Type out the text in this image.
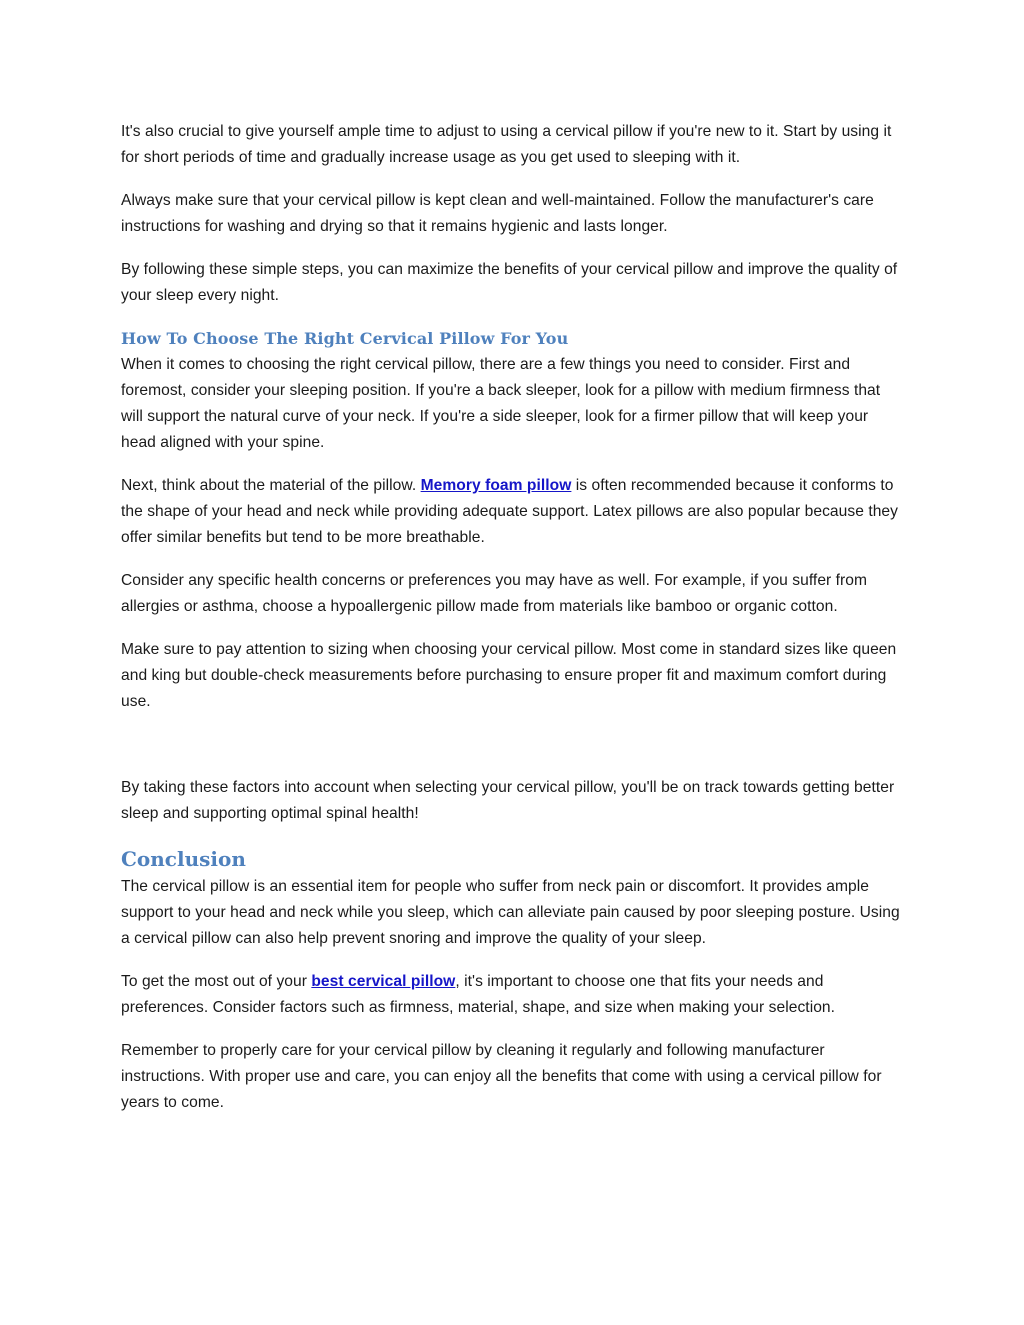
It's also crucial to give yourself ample time to adjust to using a cervical pillow if you're new to it. Start by using it for short periods of time and gradually increase usage as you get used to sleeping with it.

Always make sure that your cervical pillow is kept clean and well-maintained. Follow the manufacturer's care instructions for washing and drying so that it remains hygienic and lasts longer.

By following these simple steps, you can maximize the benefits of your cervical pillow and improve the quality of your sleep every night.

How To Choose The Right Cervical Pillow For You

When it comes to choosing the right cervical pillow, there are a few things you need to consider. First and foremost, consider your sleeping position. If you're a back sleeper, look for a pillow with medium firmness that will support the natural curve of your neck. If you're a side sleeper, look for a firmer pillow that will keep your head aligned with your spine.

Next, think about the material of the pillow. Memory foam pillow is often recommended because it conforms to the shape of your head and neck while providing adequate support. Latex pillows are also popular because they offer similar benefits but tend to be more breathable.

Consider any specific health concerns or preferences you may have as well. For example, if you suffer from allergies or asthma, choose a hypoallergenic pillow made from materials like bamboo or organic cotton.

Make sure to pay attention to sizing when choosing your cervical pillow. Most come in standard sizes like queen and king but double-check measurements before purchasing to ensure proper fit and maximum comfort during use.

By taking these factors into account when selecting your cervical pillow, you'll be on track towards getting better sleep and supporting optimal spinal health!

Conclusion

The cervical pillow is an essential item for people who suffer from neck pain or discomfort. It provides ample support to your head and neck while you sleep, which can alleviate pain caused by poor sleeping posture. Using a cervical pillow can also help prevent snoring and improve the quality of your sleep.

To get the most out of your best cervical pillow, it's important to choose one that fits your needs and preferences. Consider factors such as firmness, material, shape, and size when making your selection.

Remember to properly care for your cervical pillow by cleaning it regularly and following manufacturer instructions. With proper use and care, you can enjoy all the benefits that come with using a cervical pillow for years to come.
